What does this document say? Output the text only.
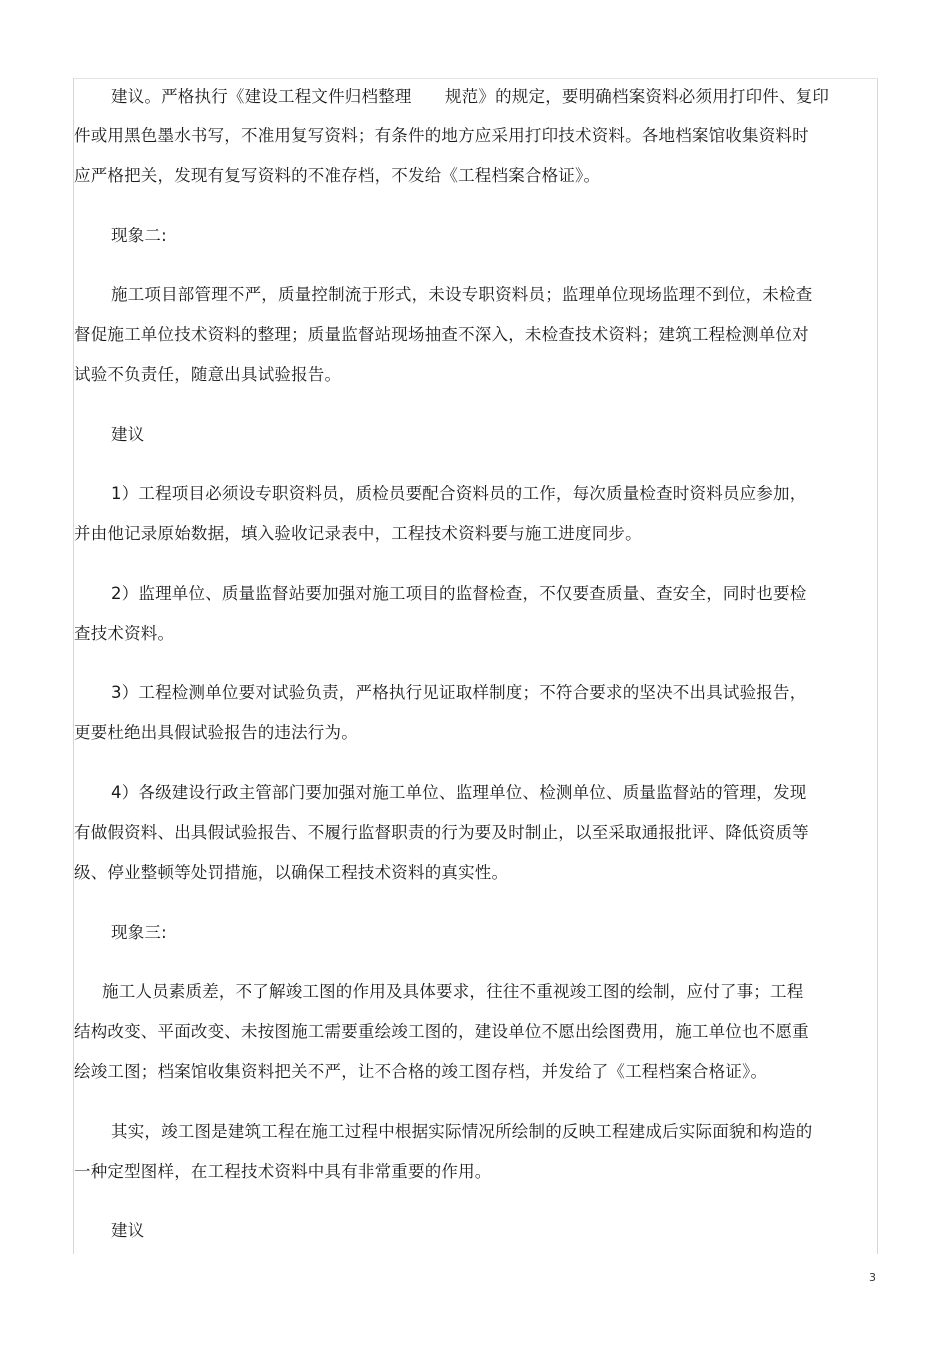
建议。严格执行《建设工程文件归档整理　　规范》的规定，要明确档案资料必须用打印件、复印
件或用黑色墨水书写，不准用复写资料；有条件的地方应采用打印技术资料。各地档案馆收集资料时
应严格把关，发现有复写资料的不准存档，不发给《工程档案合格证》。
现象二:
施工项目部管理不严，质量控制流于形式，未设专职资料员；监理单位现场监理不到位，未检查
督促施工单位技术资料的整理；质量监督站现场抽查不深入，未检查技术资料；建筑工程检测单位对
试验不负责任，随意出具试验报告。
建议
1）工程项目必须设专职资料员，质检员要配合资料员的工作，每次质量检查时资料员应参加，
并由他记录原始数据，填入验收记录表中，工程技术资料要与施工进度同步。
2）监理单位、质量监督站要加强对施工项目的监督检查，不仅要查质量、查安全，同时也要检
查技术资料。
3）工程检测单位要对试验负责，严格执行见证取样制度；不符合要求的坚决不出具试验报告，
更要杜绝出具假试验报告的违法行为。
4）各级建设行政主管部门要加强对施工单位、监理单位、检测单位、质量监督站的管理，发现
有做假资料、出具假试验报告、不履行监督职责的行为要及时制止，以至采取通报批评、降低资质等
级、停业整顿等处罚措施，以确保工程技术资料的真实性。
现象三:
施工人员素质差，不了解竣工图的作用及具体要求，往往不重视竣工图的绘制，应付了事；工程
结构改变、平面改变、未按图施工需要重绘竣工图的，建设单位不愿出绘图费用，施工单位也不愿重
绘竣工图；档案馆收集资料把关不严，让不合格的竣工图存档，并发给了《工程档案合格证》。
其实，竣工图是建筑工程在施工过程中根据实际情况所绘制的反映工程建成后实际面貌和构造的
一种定型图样，在工程技术资料中具有非常重要的作用。
建议
3
